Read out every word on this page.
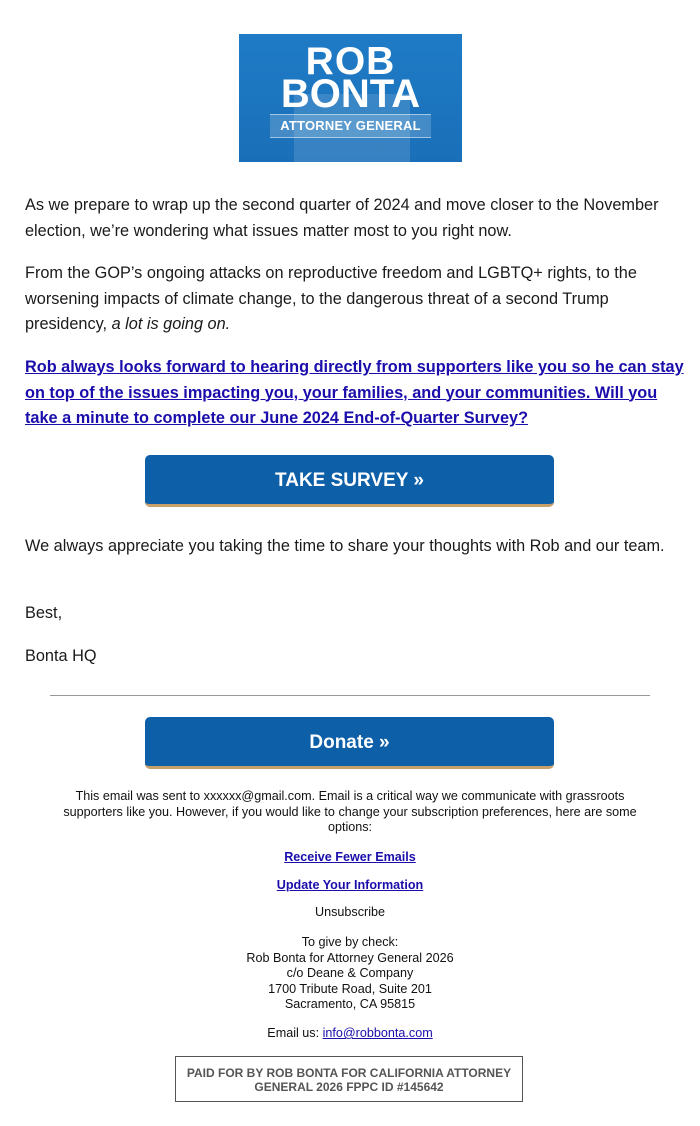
ROB
BONTA
ATTORNEY GENERAL

As we prepare to wrap up the second quarter of 2024 and move closer to the November election, we’re wondering what issues matter most to you right now.

From the GOP’s ongoing attacks on reproductive freedom and LGBTQ+ rights, to the worsening impacts of climate change, to the dangerous threat of a second Trump presidency, a lot is going on.

Rob always looks forward to hearing directly from supporters like you so he can stay on top of the issues impacting you, your families, and your communities. Will you take a minute to complete our June 2024 End-of-Quarter Survey?
TAKE SURVEY »

We always appreciate you taking the time to share your thoughts with Rob and our team.

Best,

Bonta HQ

Donate »
This email was sent to xxxxxx@gmail.com. Email is a critical way we communicate with grassroots supporters like you. However, if you would like to change your subscription preferences, here are some options:
Receive Fewer Emails
Update Your Information
Unsubscribe
To give by check:
Rob Bonta for Attorney General 2026
c/o Deane & Company
1700 Tribute Road, Suite 201
Sacramento, CA 95815
Email us: info@robbonta.com
PAID FOR BY ROB BONTA FOR CALIFORNIA ATTORNEY GENERAL 2026 FPPC ID #145642
